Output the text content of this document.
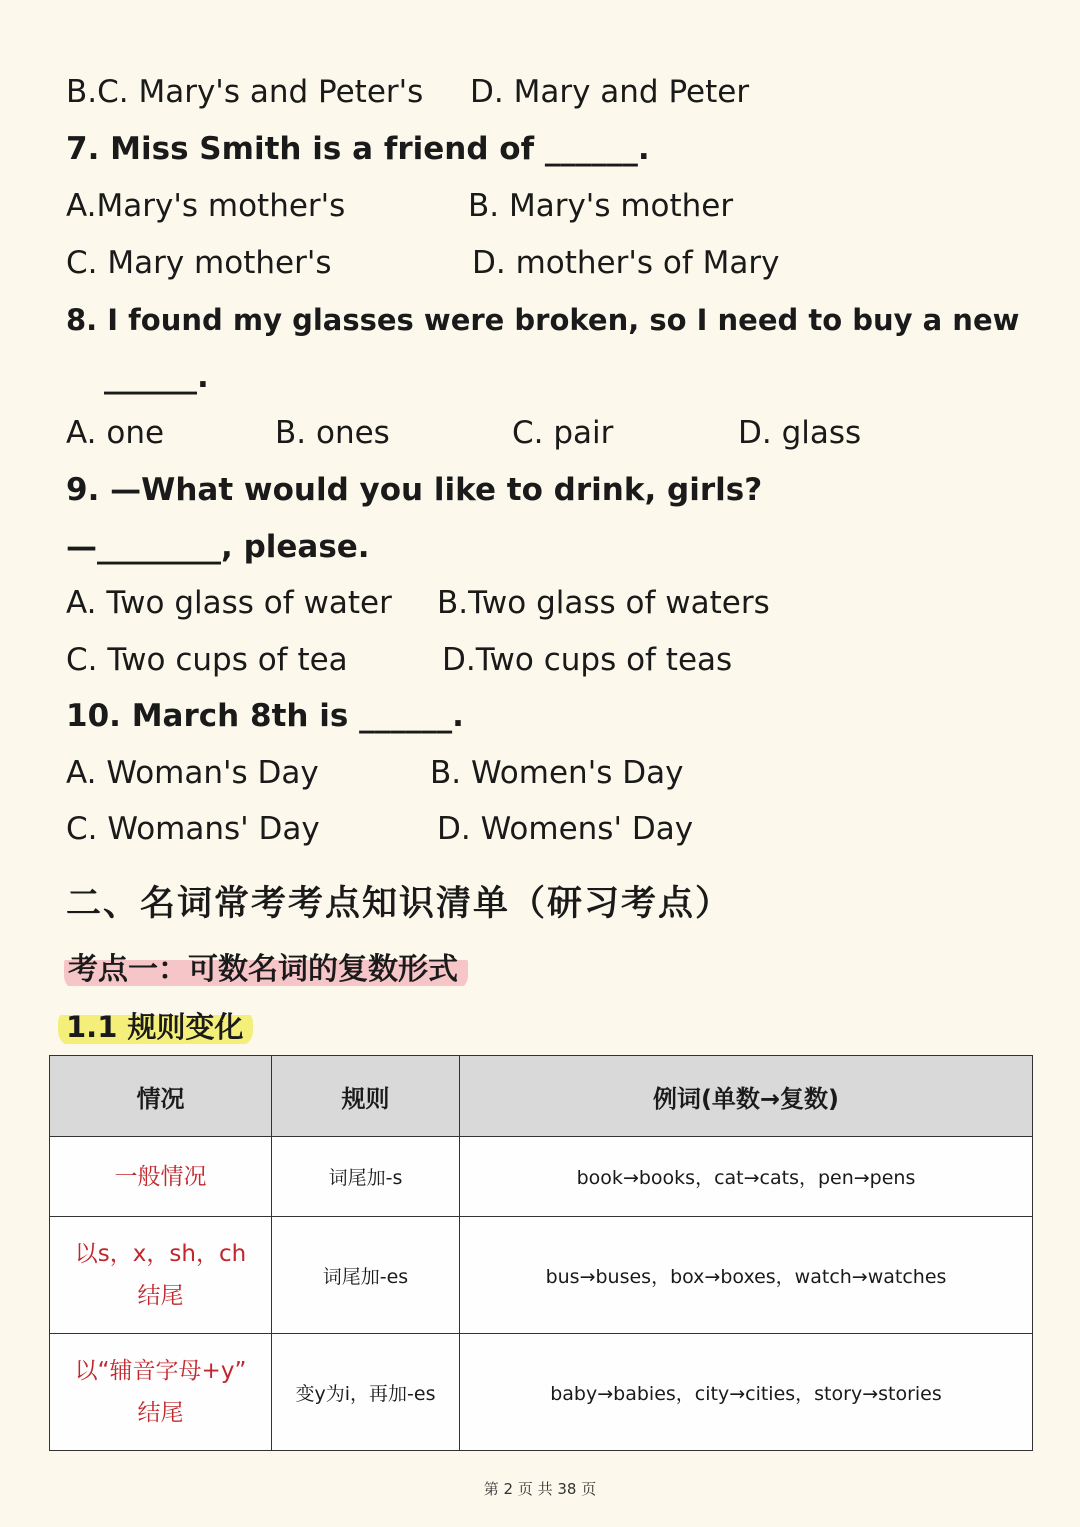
B.C. Mary's and Peter's D. Mary and Peter
7. Miss Smith is a friend of ______.
A.Mary's mother's	B. Mary's mother
C. Mary mother's	D. mother's of Mary
8. I found my glasses were broken, so I need to buy a new
______.
A. one	B. ones	C. pair	D. glass
9. —What would you like to drink, girls?
—________, please.
A. Two glass of water B.Two glass of waters
C. Two cups of tea	D.Two cups of teas
10. March 8th is ______.
A. Woman's Day	B. Women's Day
C. Womans' Day	D. Womens' Day
二、名词常考考点知识清单（研习考点）
考点一：可数名词的复数形式
1.1 规则变化
情况	规则	例词(单数→复数)

一般情况	词尾加-s	book→books，cat→cats，pen→pens

以s，x，sh，ch
结尾	词尾加-es	bus→buses，box→boxes，watch→watches

以“辅音字母+y”
结尾	变y为i，再加-es	baby→babies，city→cities，story→stories
第 2 页 共 38 页
